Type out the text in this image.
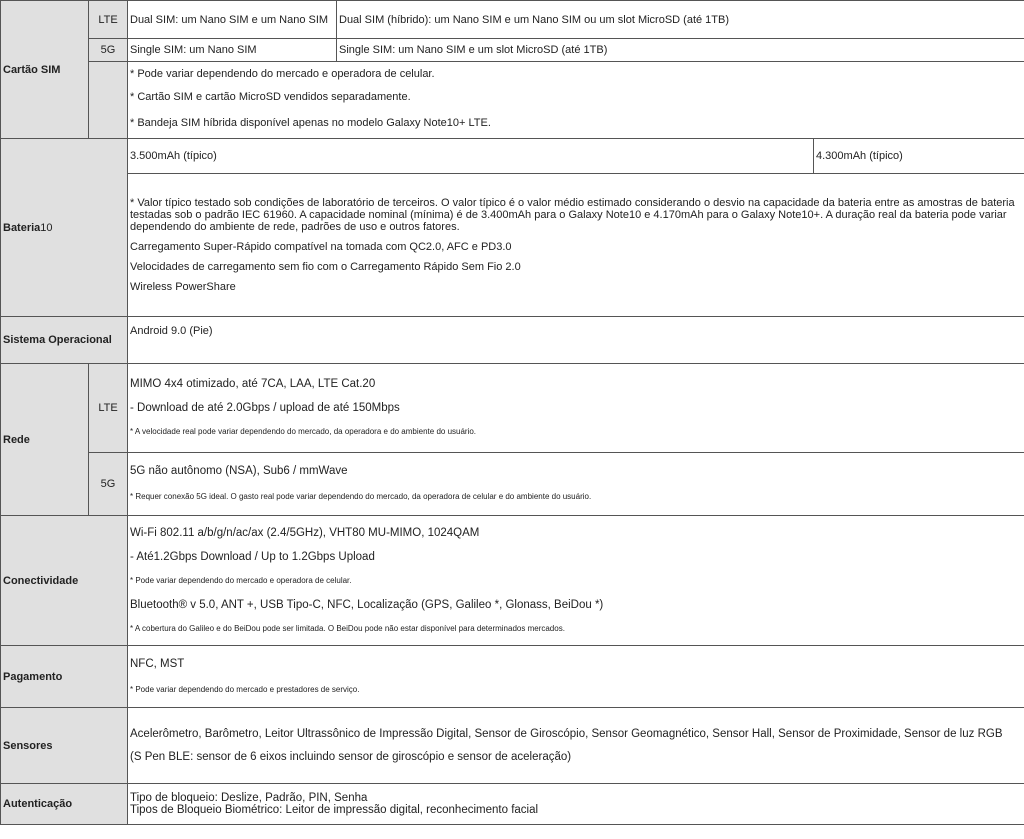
Cartão SIM	LTE	Dual SIM: um Nano SIM e um Nano SIM	Dual SIM (híbrido): um Nano SIM e um Nano SIM ou um slot MicroSD (até 1TB)	
	5G	Single SIM: um Nano SIM	Single SIM: um Nano SIM e um slot MicroSD (até 1TB)	

		* Pode variar dependendo do mercado e operadora de celular.
* Cartão SIM e cartão MicroSD vendidos separadamente.
* Bandeja SIM híbrida disponível apenas no modelo Galaxy Note10+ LTE.		

Bateria10		3.500mAh (típico)		4.300mAh (típico)

		* Valor típico testado sob condições de laboratório de terceiros. O valor típico é o valor médio estimado considerando o desvio na capacidade da bateria entre as amostras de bateria testadas sob o padrão IEC 61960. A capacidade nominal (mínima) é de 3.400mAh para o Galaxy Note10 e 4.170mAh para o Galaxy Note10+. A duração real da bateria pode variar dependendo do ambiente de rede, padrões de uso e outros fatores.

Carregamento Super-Rápido compatível na tomada com QC2.0, AFC e PD3.0

Velocidades de carregamento sem fio com o Carregamento Rápido Sem Fio 2.0

Wireless PowerShare		

Sistema Operacional		Android 9.0 (Pie)		
Rede	LTE	MIMO 4x4 otimizado, até 7CA, LAA, LTE Cat.20
- Download de até 2.0Gbps / upload de até 150Mbps
* A velocidade real pode variar dependendo do mercado, da operadora e do ambiente do usuário.		

	5G	5G não autônomo (NSA), Sub6 / mmWave
* Requer conexão 5G ideal. O gasto real pode variar dependendo do mercado, da operadora de celular e do ambiente do usuário.		

Conectividade		Wi-Fi 802.11 a/b/g/n/ac/ax (2.4/5GHz), VHT80 MU-MIMO, 1024QAM
- Até1.2Gbps Download / Up to 1.2Gbps Upload
* Pode variar dependendo do mercado e operadora de celular.
Bluetooth® v 5.0, ANT +, USB Tipo-C, NFC, Localização (GPS, Galileo *, Glonass, BeiDou *)
* A cobertura do Galileo e do BeiDou pode ser limitada. O BeiDou pode não estar disponível para determinados mercados.		

Pagamento		NFC, MST
* Pode variar dependendo do mercado e prestadores de serviço.		

Sensores		Acelerômetro, Barômetro, Leitor Ultrassônico de Impressão Digital, Sensor de Giroscópio, Sensor Geomagnético, Sensor Hall, Sensor de Proximidade, Sensor de luz RGB
(S Pen BLE: sensor de 6 eixos incluindo sensor de giroscópio e sensor de aceleração)		

Autenticação		Tipo de bloqueio: Deslize, Padrão, PIN, Senha
Tipos de Bloqueio Biométrico: Leitor de impressão digital, reconhecimento facial		
